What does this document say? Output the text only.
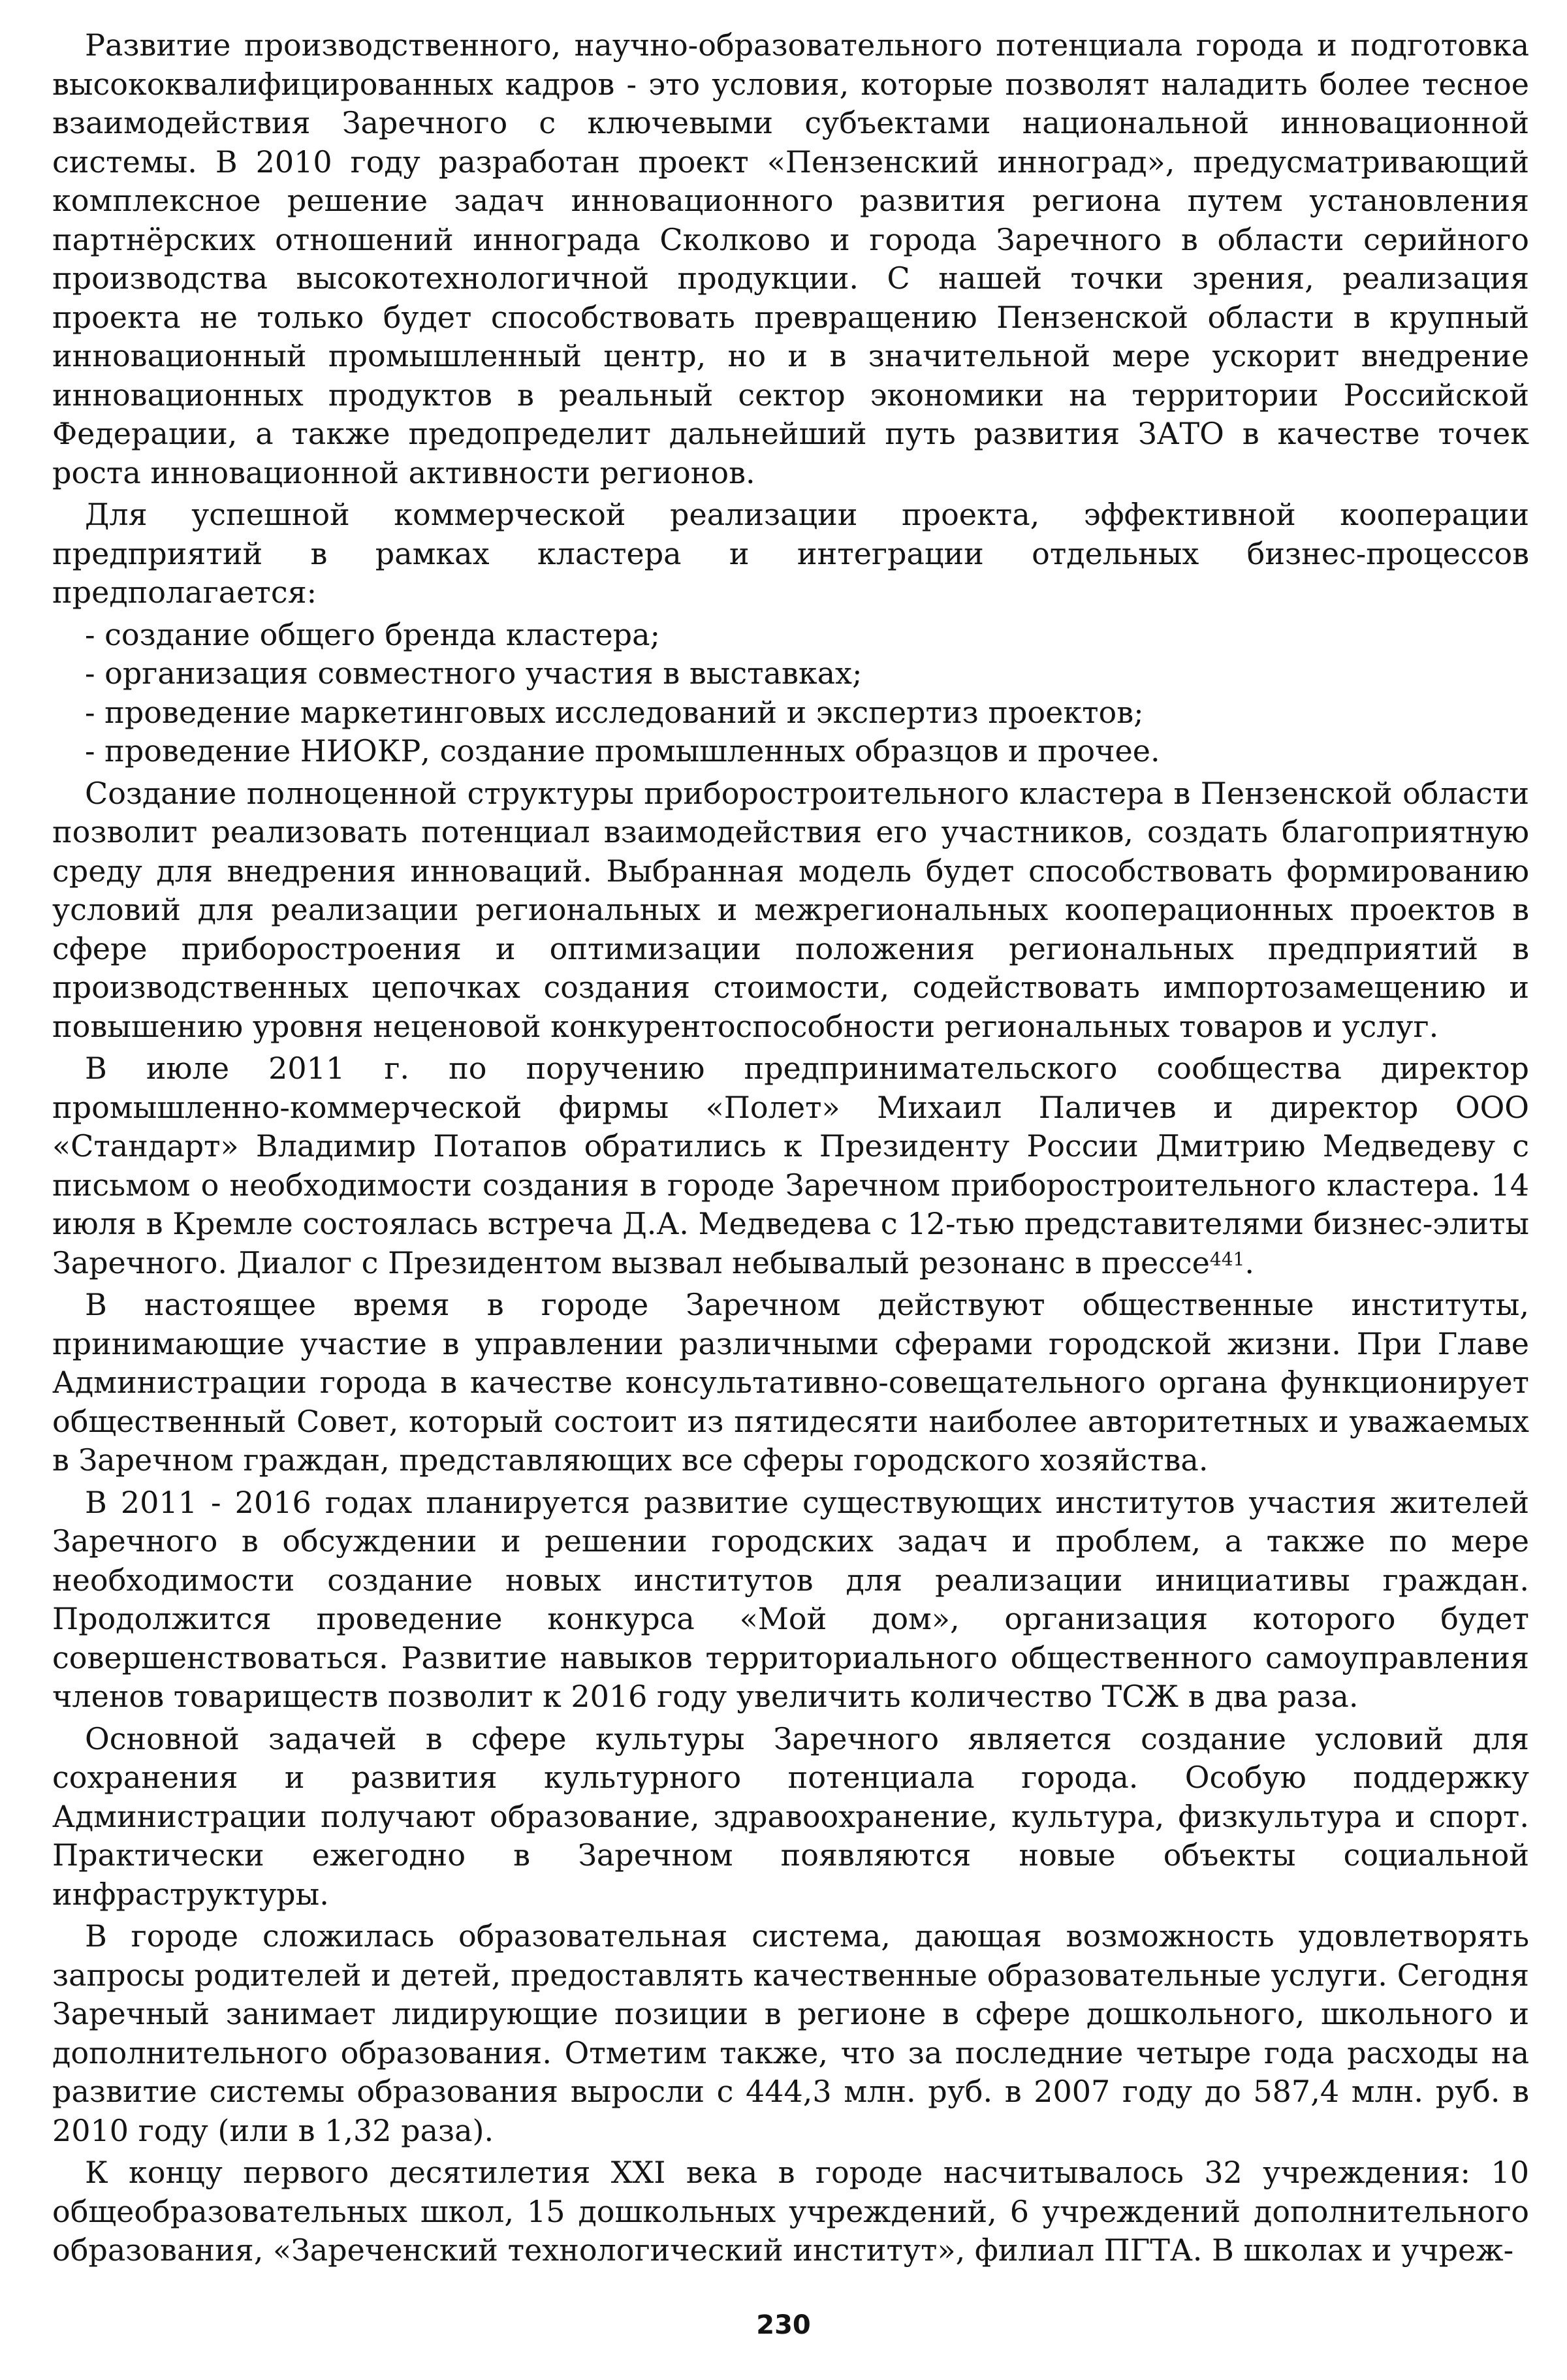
Развитие производственного, научно-образовательного потенциала города и подготовка высококвалифицированных кадров - это условия, которые позволят наладить более тесное взаимодействия Заречного с ключевыми субъектами национальной инновационной системы. В 2010 году разработан проект «Пензенский инноград», предусматривающий комплексное решение задач инновационного развития региона путем установления партнёрских отношений иннограда Сколково и города Заречного в области серийного производства высокотехнологичной продукции. С нашей точки зрения, реализация проекта не только будет способствовать превращению Пензенской области в крупный инновационный промышленный центр, но и в значительной мере ускорит внедрение инновационных продуктов в реальный сектор экономики на территории Российской Федерации, а также предопределит дальнейший путь развития ЗАТО в качестве точек роста инновационной активности регионов.

Для успешной коммерческой реализации проекта, эффективной кооперации предприятий в рамках кластера и интеграции отдельных бизнес-процессов предполагается:

- создание общего бренда кластера;
- организация совместного участия в выставках;
- проведение маркетинговых исследований и экспертиз проектов;
- проведение НИОКР, создание промышленных образцов и прочее.

Создание полноценной структуры приборостроительного кластера в Пензенской области позволит реализовать потенциал взаимодействия его участников, создать благоприятную среду для внедрения инноваций. Выбранная модель будет способствовать формированию условий для реализации региональных и межрегиональных кооперационных проектов в сфере приборостроения и оптимизации положения региональных предприятий в производственных цепочках создания стоимости, содействовать импортозамещению и повышению уровня неценовой конкурентоспособности региональных товаров и услуг.

В июле 2011 г. по поручению предпринимательского сообщества директор промышленно-коммерческой фирмы «Полет» Михаил Паличев и директор ООО «Стандарт» Владимир Потапов обратились к Президенту России Дмитрию Медведеву с письмом о необходимости создания в городе Заречном приборостроительного кластера. 14 июля в Кремле состоялась встреча Д.А. Медведева с 12-тью представителями бизнес-элиты Заречного. Диалог с Президентом вызвал небывалый резонанс в прессе$^{441}$.

В настоящее время в городе Заречном действуют общественные институты, принимающие участие в управлении различными сферами городской жизни. При Главе Администрации города в качестве консультативно-совещательного органа функционирует общественный Совет, который состоит из пятидесяти наиболее авторитетных и уважаемых в Заречном граждан, представляющих все сферы городского хозяйства.

В 2011 - 2016 годах планируется развитие существующих институтов участия жителей Заречного в обсуждении и решении городских задач и проблем, а также по мере необходимости создание новых институтов для реализации инициативы граждан. Продолжится проведение конкурса «Мой дом», организация которого будет совершенствоваться. Развитие навыков территориального общественного самоуправления членов товариществ позволит к 2016 году увеличить количество ТСЖ в два раза.

Основной задачей в сфере культуры Заречного является создание условий для сохранения и развития культурного потенциала города. Особую поддержку Администрации получают образование, здравоохранение, культура, физкультура и спорт. Практически ежегодно в Заречном появляются новые объекты социальной инфраструктуры.

В городе сложилась образовательная система, дающая возможность удовлетворять запросы родителей и детей, предоставлять качественные образовательные услуги. Сегодня Заречный занимает лидирующие позиции в регионе в сфере дошкольного, школьного и дополнительного образования. Отметим также, что за последние четыре года расходы на развитие системы образования выросли с 444,3 млн. руб. в 2007 году до 587,4 млн. руб. в 2010 году (или в 1,32 раза).

К концу первого десятилетия XXI века в городе насчитывалось 32 учреждения: 10 общеобразовательных школ, 15 дошкольных учреждений, 6 учреждений дополнительного образования, «Зареченский технологический институт», филиал ПГТА. В школах и учреж-

230
